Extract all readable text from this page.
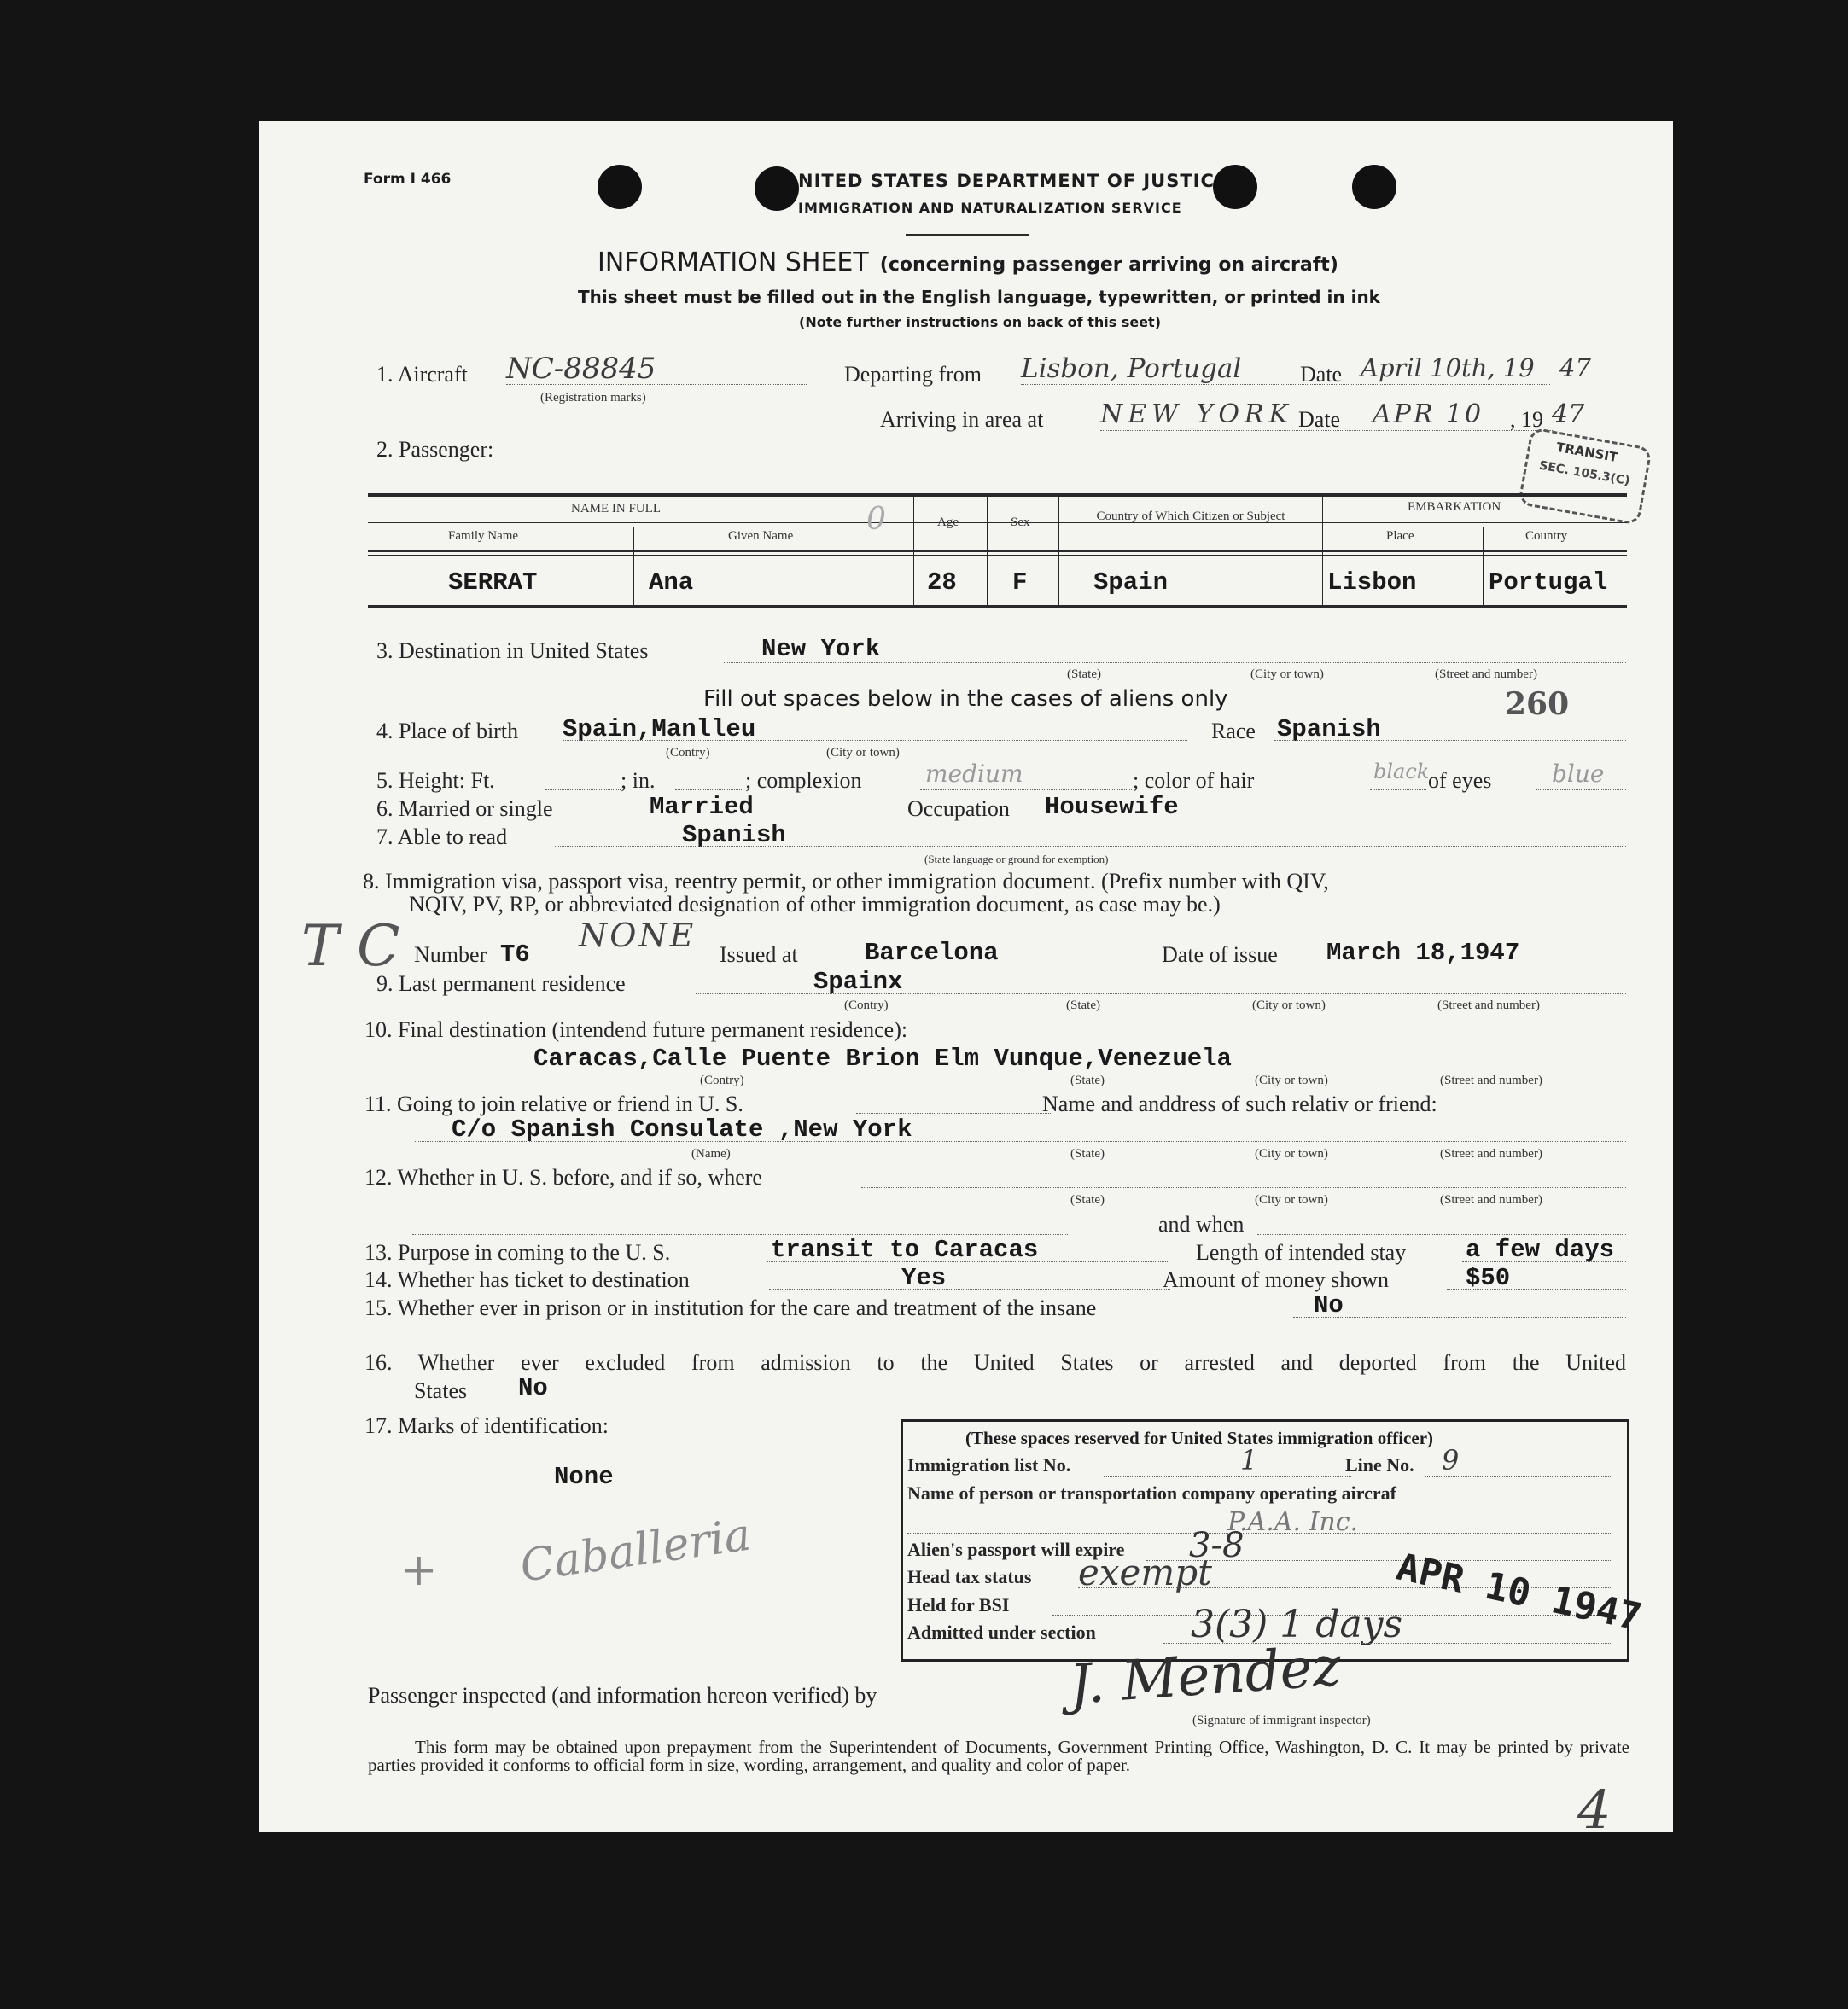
Form I 466	NITED STATES DEPARTMENT OF JUSTIC
IMMIGRATION AND NATURALIZATION SERVICE
INFORMATION SHEET (concerning passenger arriving on aircraft)
This sheet must be filled out in the English language, typewritten, or printed in ink
(Note further instructions on back of this seet)
1. Aircraft NC-88845
(Registration marks)
Departing from Lisbon, Portugal	Date April 10th, 19 47
Arriving in area at NEW YORK Date APR 10 , 19 47
TRANSIT
SEC. 105.3(C)
2. Passenger:
NAME IN FULL
Family Name	Given Name
Age	Sex	Country of Which Citizen or Subject
EMBARKATION
Place	Country
0
SERRAT	Ana	28 F	Spain	Lisbon	Portugal
3. Destination in United States	New York
(State)	(City or town)	(Street and number)
Fill out spaces below in the cases of aliens only	260
4. Place of birth Spain,Manlleu
(Contry)	(City or town)
Race Spanish
5. Height: Ft.	; in.	; complexion	medium	; color of hair	black
of eyes	blue
6. Married or single	Married	Occupation Housewife
7. Able to read	Spanish
(State language or ground for exemption)
8. Immigration visa, passport visa, reentry permit, or other immigration document. (Prefix number with QIV,
NQIV, PV, RP, or abbreviated designation of other immigration document, as case may be.)
T C Number T6
NONE
Issued at	Barcelona	Date of issue March 18,1947
9. Last permanent residence	Spainx
(Contry)	(State)	(City or town)	(Street and number)
10. Final destination (intendend future permanent residence):
Caracas,Calle Puente Brion Elm Vunque,Venezuela
(Contry)	(State)	(City or town)	(Street and number)
11. Going to join relative or friend in U. S.	Name and anddress of such relativ or friend:
C/o Spanish Consulate ,New York
(Name)	(State)	(City or town)	(Street and number)
12. Whether in U. S. before, and if so, where
(State)	(City or town)	(Street and number)
and when
13. Purpose in coming to the U. S.	transit to Caracas	Length of intended stay a few days
14. Whether has ticket to destination	Yes	Amount of money shown	$50
15. Whether ever in prison or in institution for the care and treatment of the insane	No
16. Whether ever excluded from admission to the United States or arrested and deported from the United
States No
17. Marks of identification:
None
+ Caballeria
(These spaces reserved for United States immigration officer)
Immigration list No.	1	Line No. 9
Name of person or transportation company operating aircraf
P.A.A. Inc.
Alien's passport will expire 3-8
Head tax status exempt
Held for BSI
Admitted under section	3(3) 1 days
APR 10 1947
Passenger inspected (and information hereon verified) by	J. Mendez
(Signature of immigrant inspector)
This form may be obtained upon prepayment from the Superintendent of Documents, Government Printing Office, Washington, D. C. It may be printed by private parties provided it conforms to official form in size, wording, arrangement, and quality and color of paper.
4
